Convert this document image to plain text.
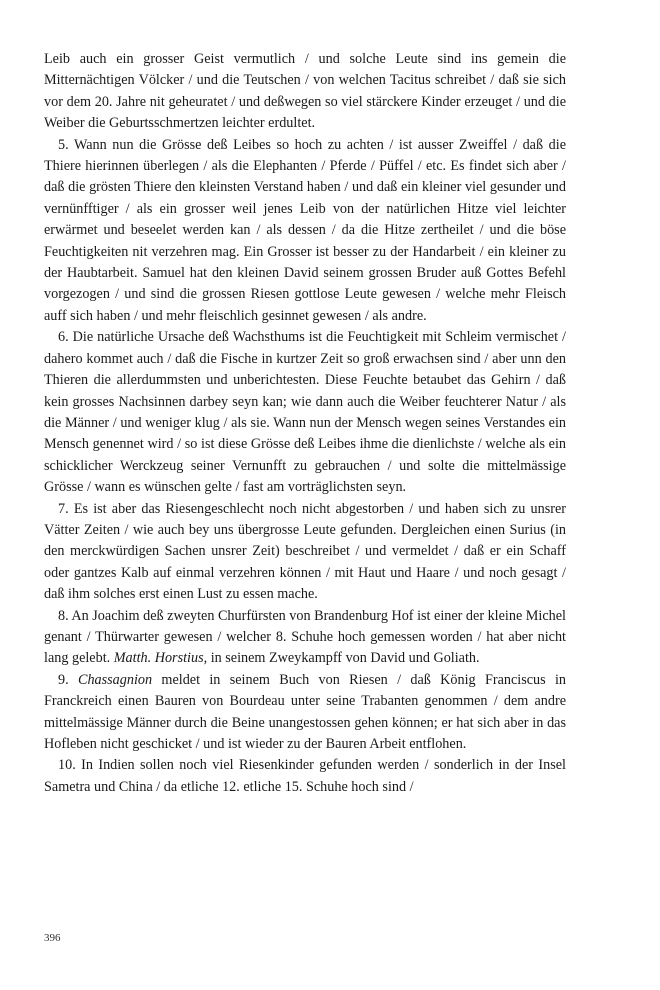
Leib auch ein grosser Geist vermutlich / und solche Leute sind ins gemein die Mitternächtigen Völcker / und die Teutschen / von welchen Tacitus schreibet / daß sie sich vor dem 20. Jahre nit geheuratet / und deßwegen so viel stärckere Kinder erzeuget / und die Weiber die Geburtsschmertzen leichter erdultet.

5. Wann nun die Grösse deß Leibes so hoch zu achten / ist ausser Zweiffel / daß die Thiere hierinnen überlegen / als die Elephanten / Pferde / Püffel / etc. Es findet sich aber / daß die grösten Thiere den kleinsten Verstand haben / und daß ein kleiner viel gesunder und vernünfftiger / als ein grosser weil jenes Leib von der natürlichen Hitze viel leichter erwärmet und beseelet werden kan / als dessen / da die Hitze zertheilet / und die böse Feuchtigkeiten nit verzehren mag. Ein Grosser ist besser zu der Handarbeit / ein kleiner zu der Haubtarbeit. Samuel hat den kleinen David seinem grossen Bruder auß Gottes Befehl vorgezogen / und sind die grossen Riesen gottlose Leute gewesen / welche mehr Fleisch auff sich haben / und mehr fleischlich gesinnet gewesen / als andre.

6. Die natürliche Ursache deß Wachsthums ist die Feuchtigkeit mit Schleim vermischet / dahero kommet auch / daß die Fische in kurtzer Zeit so groß erwachsen sind / aber unn den Thieren die allerdummsten und unberichtesten. Diese Feuchte betaubet das Gehirn / daß kein grosses Nachsinnen darbey seyn kan; wie dann auch die Weiber feuchterer Natur / als die Männer / und weniger klug / als sie. Wann nun der Mensch wegen seines Verstandes ein Mensch genennet wird / so ist diese Grösse deß Leibes ihme die dienlichste / welche als ein schicklicher Werckzeug seiner Vernunfft zu gebrauchen / und solte die mittelmässige Grösse / wann es wünschen gelte / fast am vorträglichsten seyn.

7. Es ist aber das Riesengeschlecht noch nicht abgestorben / und haben sich zu unsrer Vätter Zeiten / wie auch bey uns übergrosse Leute gefunden. Dergleichen einen Surius (in den merckwürdigen Sachen unsrer Zeit) beschreibet / und vermeldet / daß er ein Schaff oder gantzes Kalb auf einmal verzehren können / mit Haut und Haare / und noch gesagt / daß ihm solches erst einen Lust zu essen mache.

8. An Joachim deß zweyten Churfürsten von Brandenburg Hof ist einer der kleine Michel genant / Thürwarter gewesen / welcher 8. Schuhe hoch gemessen worden / hat aber nicht lang gelebt. Matth. Horstius, in seinem Zweykampff von David und Goliath.

9. Chassagnion meldet in seinem Buch von Riesen / daß König Franciscus in Franckreich einen Bauren von Bourdeau unter seine Trabanten genommen / dem andre mittelmässige Männer durch die Beine unangestossen gehen können; er hat sich aber in das Hofleben nicht geschicket / und ist wieder zu der Bauren Arbeit entflohen.

10. In Indien sollen noch viel Riesenkinder gefunden werden / sonderlich in der Insel Sametra und China / da etliche 12. etliche 15. Schuhe hoch sind /

396
